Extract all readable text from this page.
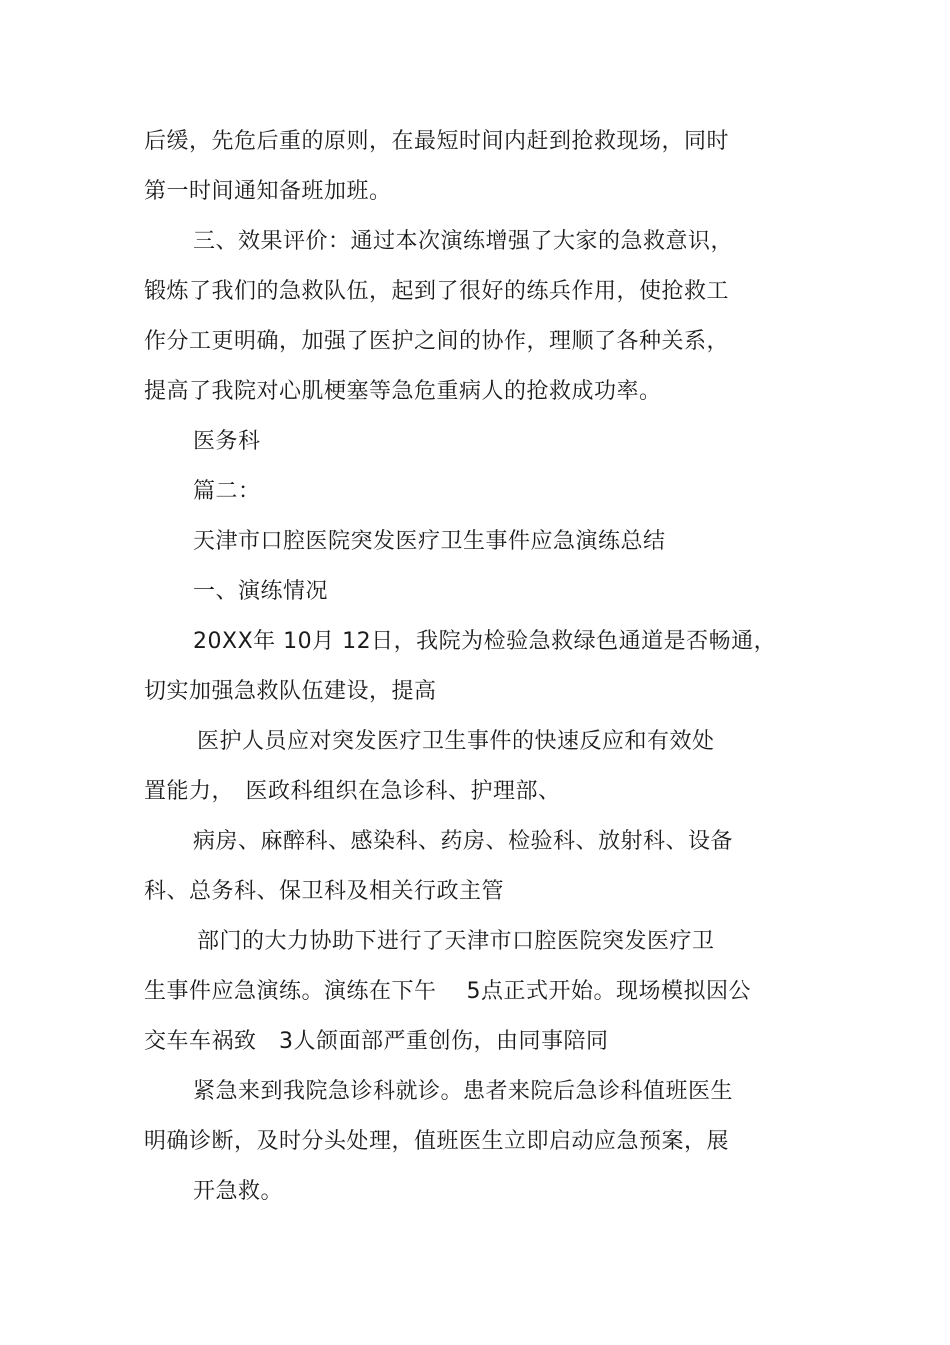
后缓，先危后重的原则，在最短时间内赶到抢救现场，同时
第一时间通知备班加班。
三、效果评价：通过本次演练增强了大家的急救意识，
锻炼了我们的急救队伍，起到了很好的练兵作用，使抢救工
作分工更明确，加强了医护之间的协作，理顺了各种关系，
提高了我院对心肌梗塞等急危重病人的抢救成功率。
医务科
篇二：
天津市口腔医院突发医疗卫生事件应急演练总结
一、演练情况
20XX年 10月 12日，我院为检验急救绿色通道是否畅通，
切实加强急救队伍建设，提高
医护人员应对突发医疗卫生事件的快速反应和有效处
置能力，　医政科组织在急诊科、护理部、
病房、麻醉科、感染科、药房、检验科、放射科、设备
科、总务科、保卫科及相关行政主管
部门的大力协助下进行了天津市口腔医院突发医疗卫
生事件应急演练。演练在下午　 5点正式开始。现场模拟因公
交车车祸致　3人颌面部严重创伤，由同事陪同
紧急来到我院急诊科就诊。患者来院后急诊科值班医生
明确诊断，及时分头处理，值班医生立即启动应急预案，展
开急救。
